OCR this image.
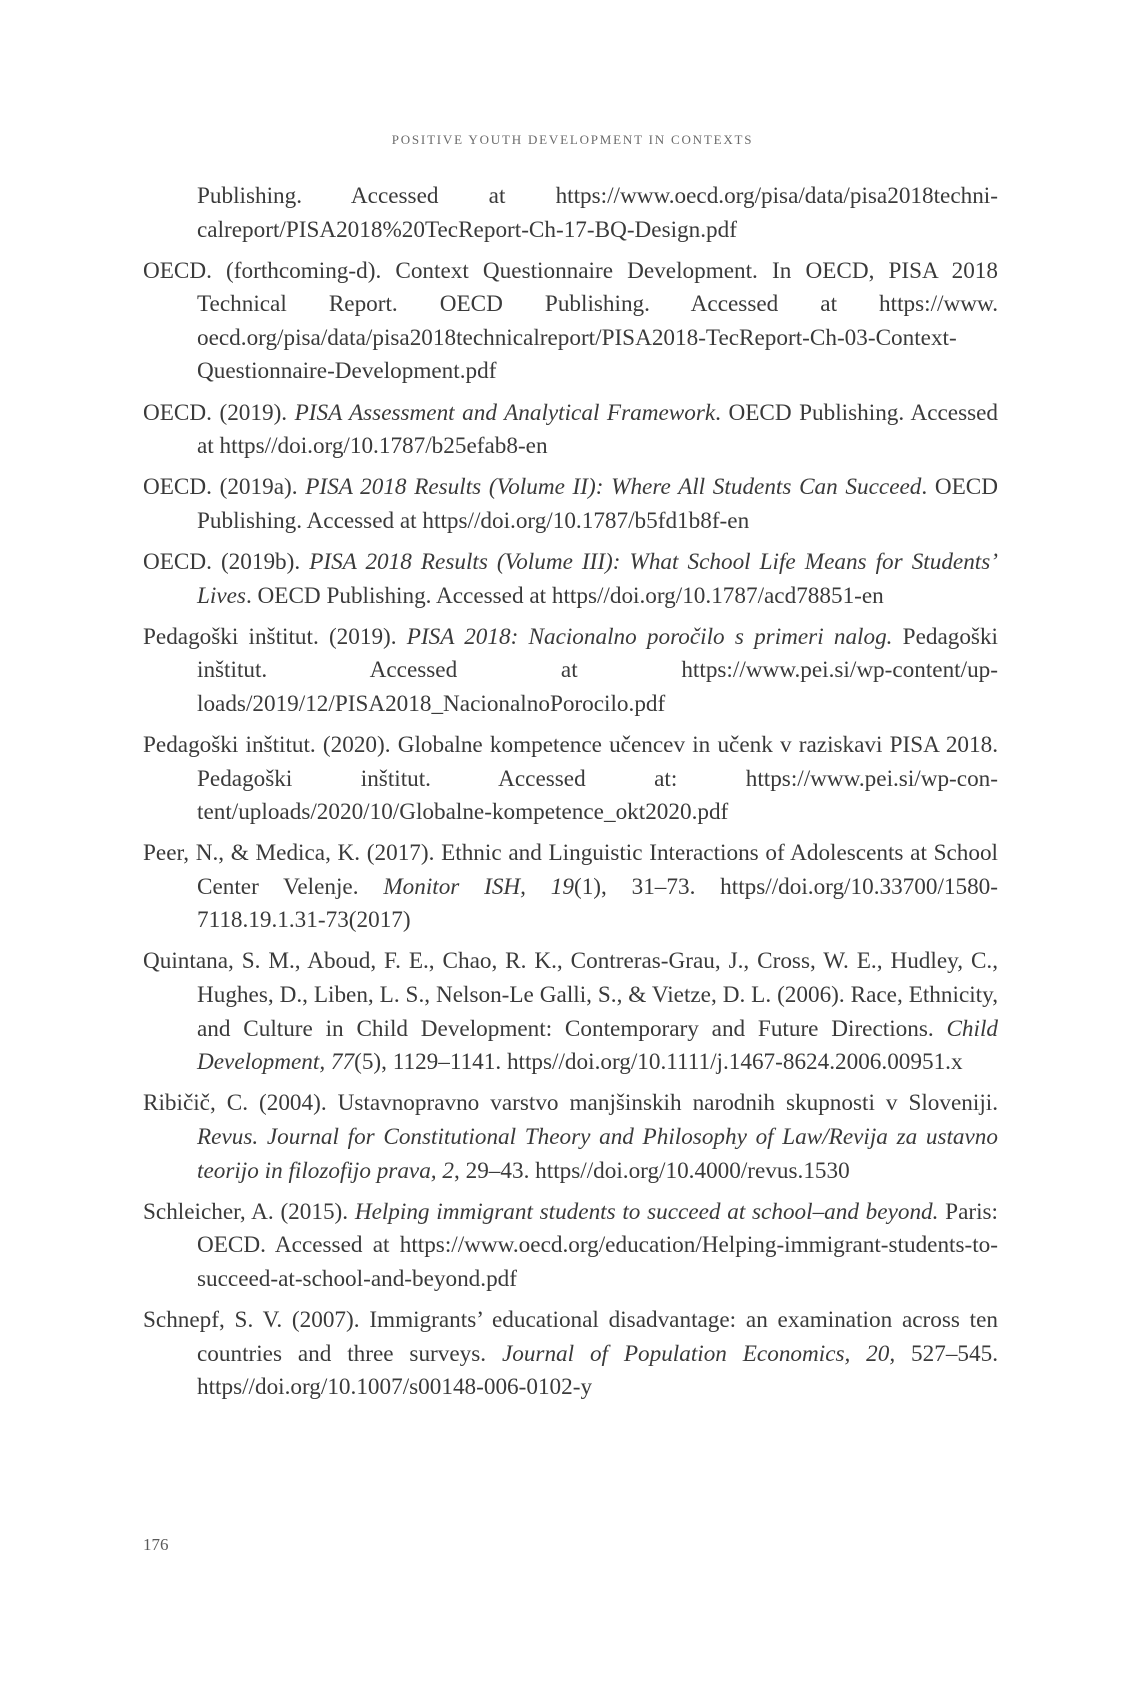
POSITIVE YOUTH DEVELOPMENT IN CONTEXTS

Publishing. Accessed at https://www.oecd.org/pisa/data/pisa2018technicalreport/PISA2018%20TecReport-Ch-17-BQ-Design.pdf

OECD. (forthcoming-d). Context Questionnaire Development. In OECD, PISA 2018 Technical Report. OECD Publishing. Accessed at https://www.​oecd.org/pisa/data/pisa2018technicalreport/PISA2018-TecReport-Ch-03-​Context-Questionnaire-Development.pdf

OECD. (2019). PISA Assessment and Analytical Framework. OECD Publishing. Accessed at https//doi.org/10.1787/b25efab8-en

OECD. (2019a). PISA 2018 Results (Volume II): Where All Students Can Succeed. OECD Publishing. Accessed at https//doi.org/10.1787/b5fd1b8f-en

OECD. (2019b). PISA 2018 Results (Volume III): What School Life Means for Students’ Lives. OECD Publishing. Accessed at https//doi.org/10.1787/​acd78851-en

Pedagoški inštitut. (2019). PISA 2018: Nacionalno poročilo s primeri nalog. Pedagoški inštitut. Accessed at https://www.pei.si/wp-content/uploads/2019/12/PISA2018_NacionalnoPorocilo.pdf

Pedagoški inštitut. (2020). Globalne kompetence učencev in učenk v raziskavi PISA 2018. Pedagoški inštitut. Accessed at: https://www.pei.si/wp-content/uploads/2020/10/Globalne-kompetence_okt2020.pdf

Peer, N., & Medica, K. (2017). Ethnic and Linguistic Interactions of Adolescents at School Center Velenje. Monitor ISH, 19(1), 31–73. https//doi.​org/10.33700/1580-7118.19.1.31-73(2017)

Quintana, S. M., Aboud, F. E., Chao, R. K., Contreras-Grau, J., Cross, W. E., Hudley, C., Hughes, D., Liben, L. S., Nelson-Le Galli, S., & Vietze, D. L. (2006). Race, Ethnicity, and Culture in Child Development: Contemporary and Future Directions. Child Development, 77(5), 1129–1141. https//doi.​org/10.1111/j.1467-8624.2006.00951.x

Ribičič, C. (2004). Ustavnopravno varstvo manjšinskih narodnih skupnosti v Sloveniji. Revus. Journal for Constitutional Theory and Philosophy of Law/Revija za ustavno teorijo in filozofijo prava, 2, 29–43. https//doi.​org/10.4000/revus.1530

Schleicher, A. (2015). Helping immigrant students to succeed at school–and beyond. Paris: OECD. Accessed at https://www.oecd.org/education/​Helping-immigrant-students-to-succeed-at-school-and-beyond.pdf

Schnepf, S. V. (2007). Immigrants’ educational disadvantage: an examination across ten countries and three surveys. Journal of Population Economics, 20, 527–545. https//doi.org/10.1007/s00148-006-0102-y

176
